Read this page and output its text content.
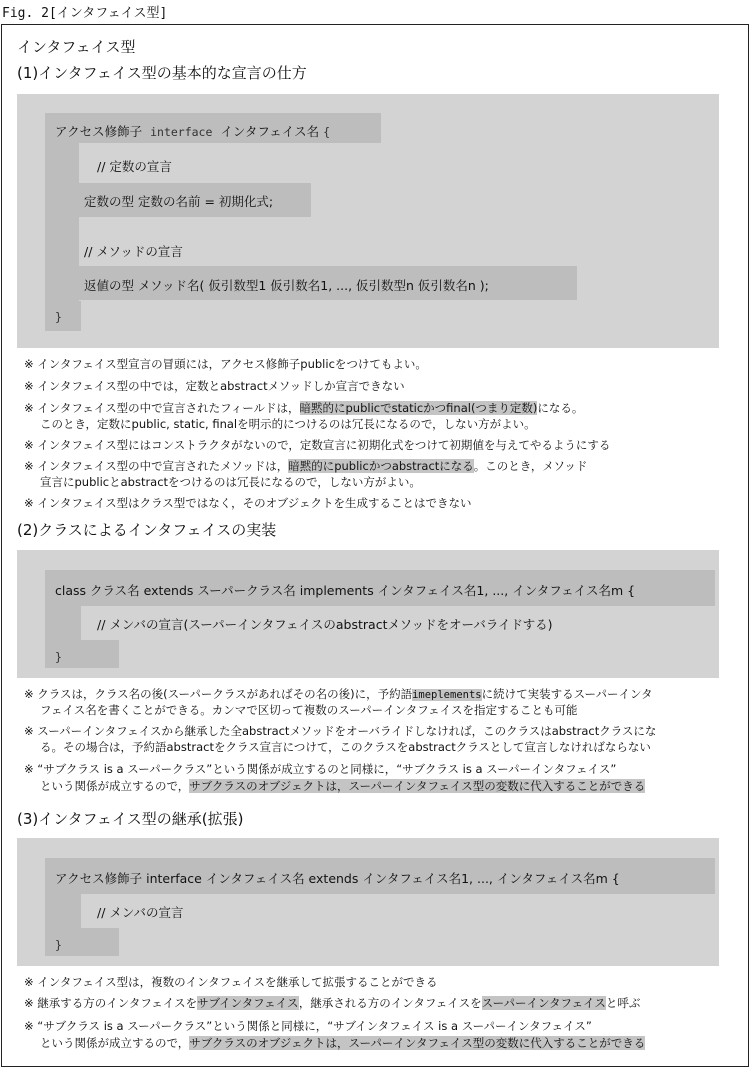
Fig. 2[インタフェイス型]
インタフェイス型
(1)インタフェイス型の基本的な宣言の仕方
アクセス修飾子 interface インタフェイス名 {
// 定数の宣言
定数の型 定数の名前 = 初期化式;
// メソッドの宣言
返値の型 メソッド名( 仮引数型1 仮引数名1, ..., 仮引数型n 仮引数名n );
}
※ インタフェイス型宣言の冒頭には，アクセス修飾子publicをつけてもよい。
※ インタフェイス型の中では，定数とabstractメソッドしか宣言できない
※ インタフェイス型の中で宣言されたフィールドは，暗黙的にpublicでstaticかつfinal(つまり定数)になる。
このとき，定数にpublic, static, finalを明示的につけるのは冗長になるので，しない方がよい。
※ インタフェイス型にはコンストラクタがないので，定数宣言に初期化式をつけて初期値を与えてやるようにする
※ インタフェイス型の中で宣言されたメソッドは，暗黙的にpublicかつabstractになる。このとき，メソッド
宣言にpublicとabstractをつけるのは冗長になるので，しない方がよい。
※ インタフェイス型はクラス型ではなく，そのオブジェクトを生成することはできない
(2)クラスによるインタフェイスの実装
class クラス名 extends スーパークラス名 implements インタフェイス名1, ..., インタフェイス名m {
// メンバの宣言(スーパーインタフェイスのabstractメソッドをオーバライドする)
}
※ クラスは，クラス名の後(スーパークラスがあればその名の後)に，予約語imeplementsに続けて実装するスーパーインタ
フェイス名を書くことができる。カンマで区切って複数のスーパーインタフェイスを指定することも可能
※ スーパーインタフェイスから継承した全abstractメソッドをオーバライドしなければ，このクラスはabstractクラスにな
る。その場合は，予約語abstractをクラス宣言につけて，このクラスをabstractクラスとして宣言しなければならない
※ “サブクラス is a スーパークラス”という関係が成立するのと同様に，“サブクラス is a スーパーインタフェイス”
という関係が成立するので，サブクラスのオブジェクトは，スーパーインタフェイス型の変数に代入することができる
(3)インタフェイス型の継承(拡張)
アクセス修飾子 interface インタフェイス名 extends インタフェイス名1, ..., インタフェイス名m {
// メンバの宣言
}
※ インタフェイス型は，複数のインタフェイスを継承して拡張することができる
※ 継承する方のインタフェイスをサブインタフェイス，継承される方のインタフェイスをスーパーインタフェイスと呼ぶ
※ “サブクラス is a スーパークラス”という関係と同様に，“サブインタフェイス is a スーパーインタフェイス”
という関係が成立するので，サブクラスのオブジェクトは，スーパーインタフェイス型の変数に代入することができる
